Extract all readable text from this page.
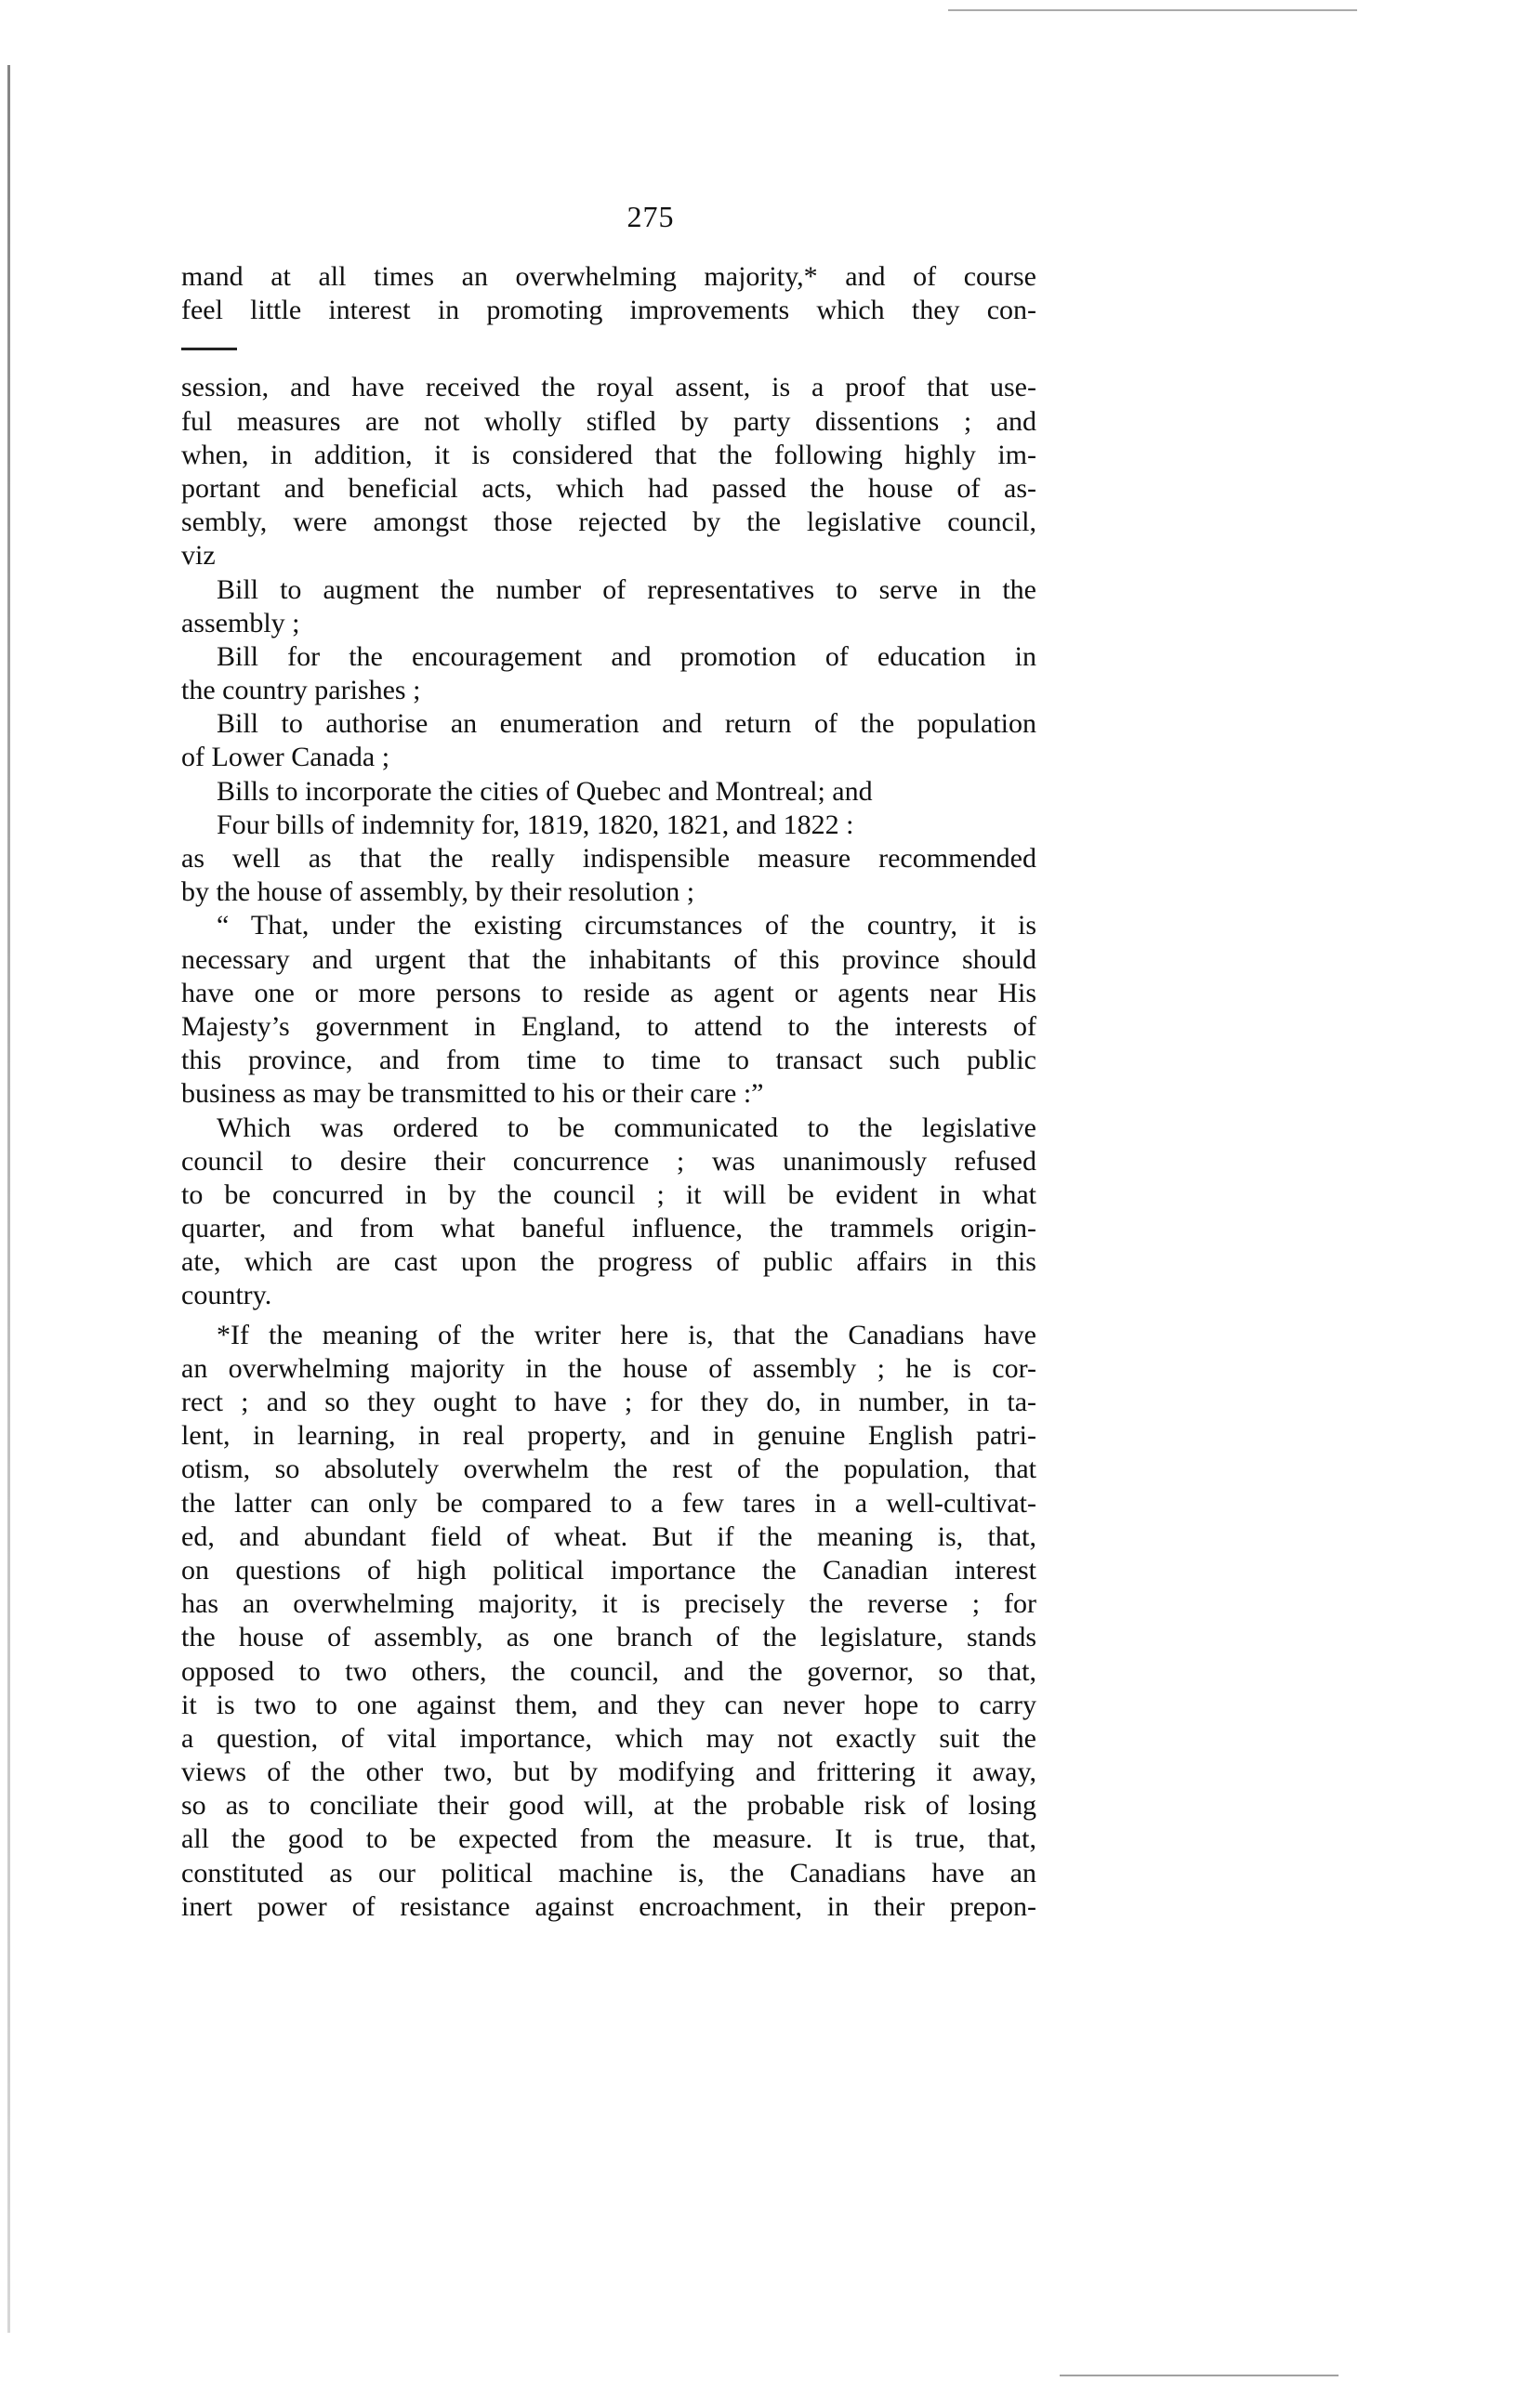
275
mand at all times an overwhelming majority,* and of course
feel little interest in promoting improvements which they con-
session, and have received the royal assent, is a proof that use-
ful measures are not wholly stifled by party dissentions ; and
when, in addition, it is considered that the following highly im-
portant and beneficial acts, which had passed the house of as-
sembly, were amongst those rejected by the legislative council,
viz
Bill to augment the number of representatives to serve in the
assembly ;
Bill for the encouragement and promotion of education in
the country parishes ;
Bill to authorise an enumeration and return of the population
of Lower Canada ;
Bills to incorporate the cities of Quebec and Montreal; and
Four bills of indemnity for, 1819, 1820, 1821, and 1822 :
as well as that the really indispensible measure recommended
by the house of assembly, by their resolution ;
“ That, under the existing circumstances of the country, it is
necessary and urgent that the inhabitants of this province should
have one or more persons to reside as agent or agents near His
Majesty’s government in England, to attend to the interests of
this province, and from time to time to transact such public
business as may be transmitted to his or their care :”
Which was ordered to be communicated to the legislative
council to desire their concurrence ; was unanimously refused
to be concurred in by the council ; it will be evident in what
quarter, and from what baneful influence, the trammels origin-
ate, which are cast upon the progress of public affairs in this
country.
*If the meaning of the writer here is, that the Canadians have
an overwhelming majority in the house of assembly ; he is cor-
rect ; and so they ought to have ; for they do, in number, in ta-
lent, in learning, in real property, and in genuine English patri-
otism, so absolutely overwhelm the rest of the population, that
the latter can only be compared to a few tares in a well-cultivat-
ed, and abundant field of wheat. But if the meaning is, that,
on questions of high political importance the Canadian interest
has an overwhelming majority, it is precisely the reverse ; for
the house of assembly, as one branch of the legislature, stands
opposed to two others, the council, and the governor, so that,
it is two to one against them, and they can never hope to carry
a question, of vital importance, which may not exactly suit the
views of the other two, but by modifying and frittering it away,
so as to conciliate their good will, at the probable risk of losing
all the good to be expected from the measure. It is true, that,
constituted as our political machine is, the Canadians have an
inert power of resistance against encroachment, in their prepon-
